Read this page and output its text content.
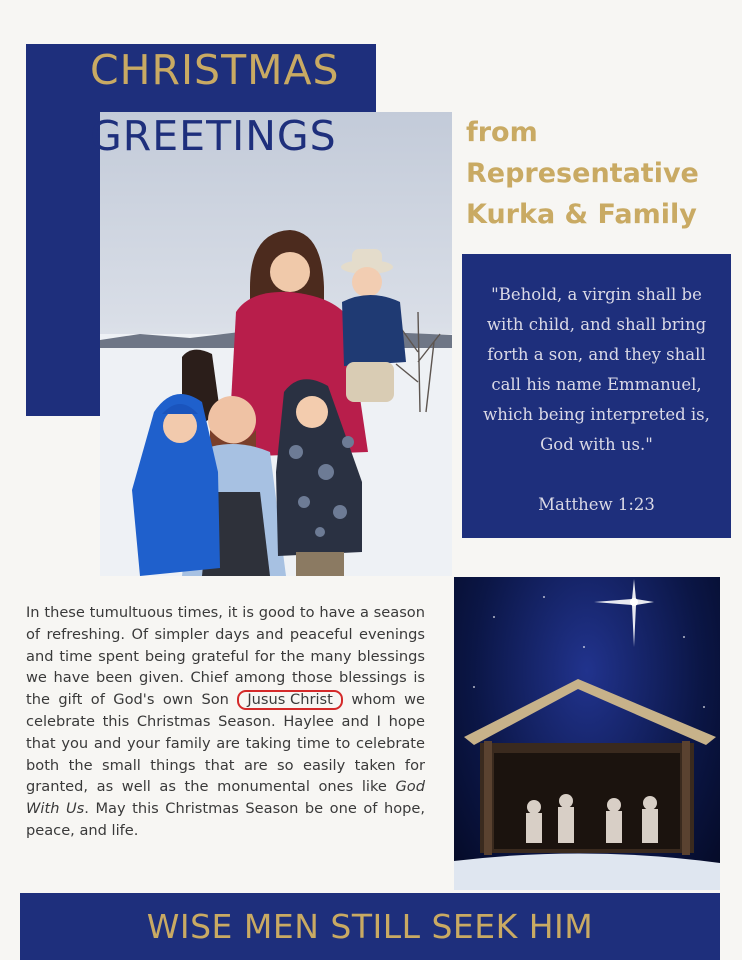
CHRISTMAS
GREETINGS	from
Representative
Kurka & Family
"Behold, a virgin shall be
with child, and shall bring
forth a son, and they shall
call his name Emmanuel,
which being interpreted is,
God with us."
Matthew 1:23
In these tumultuous times, it is good to have a season of refreshing. Of simpler days and peaceful evenings and time spent being grateful for the many blessings we have been given. Chief among those blessings is the gift of God's own Son Jusus Christ whom we celebrate this Christmas Season. Haylee and I hope that you and your family are taking time to celebrate both the small things that are so easily taken for granted, as well as the monumental ones like God With Us. May this Christmas Season be one of hope, peace, and life.
WISE MEN STILL SEEK HIM
